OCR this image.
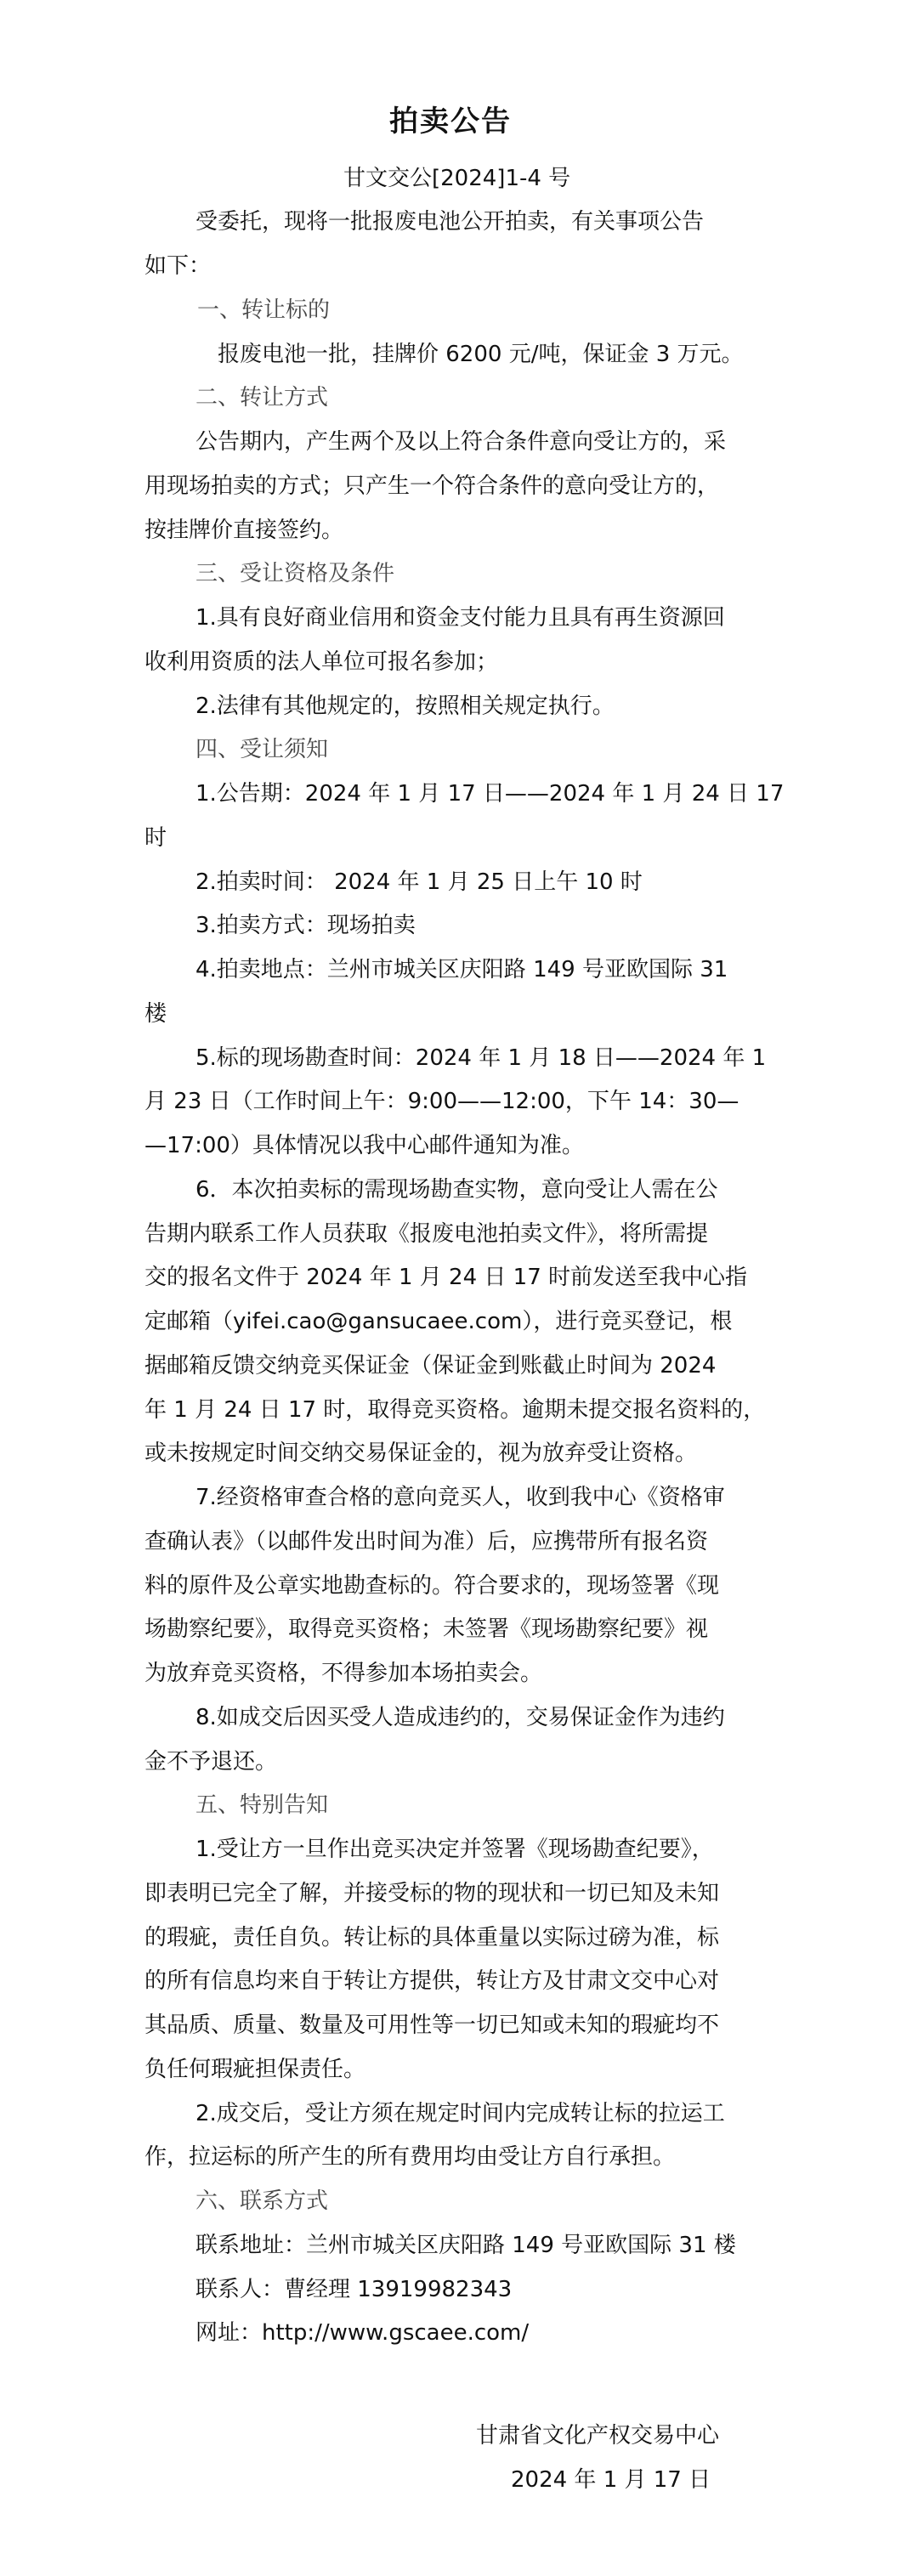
拍卖公告
甘文交公[2024]1-4 号
受委托，现将一批报废电池公开拍卖，有关事项公告
如下：
一、转让标的
报废电池一批，挂牌价 6200 元/吨，保证金 3 万元。
二、转让方式
公告期内，产生两个及以上符合条件意向受让方的，采
用现场拍卖的方式；只产生一个符合条件的意向受让方的，
按挂牌价直接签约。
三、受让资格及条件
1.具有良好商业信用和资金支付能力且具有再生资源回
收利用资质的法人单位可报名参加；
2.法律有其他规定的，按照相关规定执行。
四、受让须知
1.公告期：2024 年 1 月 17 日——2024 年 1 月 24 日 17
时
2.拍卖时间： 2024 年 1 月 25 日上午 10 时
3.拍卖方式：现场拍卖
4.拍卖地点：兰州市城关区庆阳路 149 号亚欧国际 31
楼
5.标的现场勘查时间：2024 年 1 月 18 日——2024 年 1
月 23 日（工作时间上午：9:00——12:00，下午 14：30—
—17:00）具体情况以我中心邮件通知为准。
6．本次拍卖标的需现场勘查实物，意向受让人需在公
告期内联系工作人员获取《报废电池拍卖文件》，将所需提
交的报名文件于 2024 年 1 月 24 日 17 时前发送至我中心指
定邮箱（yifei.cao@gansucaee.com），进行竞买登记，根
据邮箱反馈交纳竞买保证金（保证金到账截止时间为 2024
年 1 月 24 日 17 时，取得竞买资格。逾期未提交报名资料的，
或未按规定时间交纳交易保证金的，视为放弃受让资格。
7.经资格审查合格的意向竞买人，收到我中心《资格审
查确认表》（以邮件发出时间为准）后，应携带所有报名资
料的原件及公章实地勘查标的。符合要求的，现场签署《现
场勘察纪要》，取得竞买资格；未签署《现场勘察纪要》视
为放弃竞买资格，不得参加本场拍卖会。
8.如成交后因买受人造成违约的，交易保证金作为违约
金不予退还。
五、特别告知
1.受让方一旦作出竞买决定并签署《现场勘查纪要》，
即表明已完全了解，并接受标的物的现状和一切已知及未知
的瑕疵，责任自负。转让标的具体重量以实际过磅为准，标
的所有信息均来自于转让方提供，转让方及甘肃文交中心对
其品质、质量、数量及可用性等一切已知或未知的瑕疵均不
负任何瑕疵担保责任。
2.成交后，受让方须在规定时间内完成转让标的拉运工
作，拉运标的所产生的所有费用均由受让方自行承担。
六、联系方式
联系地址：兰州市城关区庆阳路 149 号亚欧国际 31 楼
联系人：曹经理 13919982343
网址：http://www.gscaee.com/
甘肃省文化产权交易中心
2024 年 1 月 17 日
